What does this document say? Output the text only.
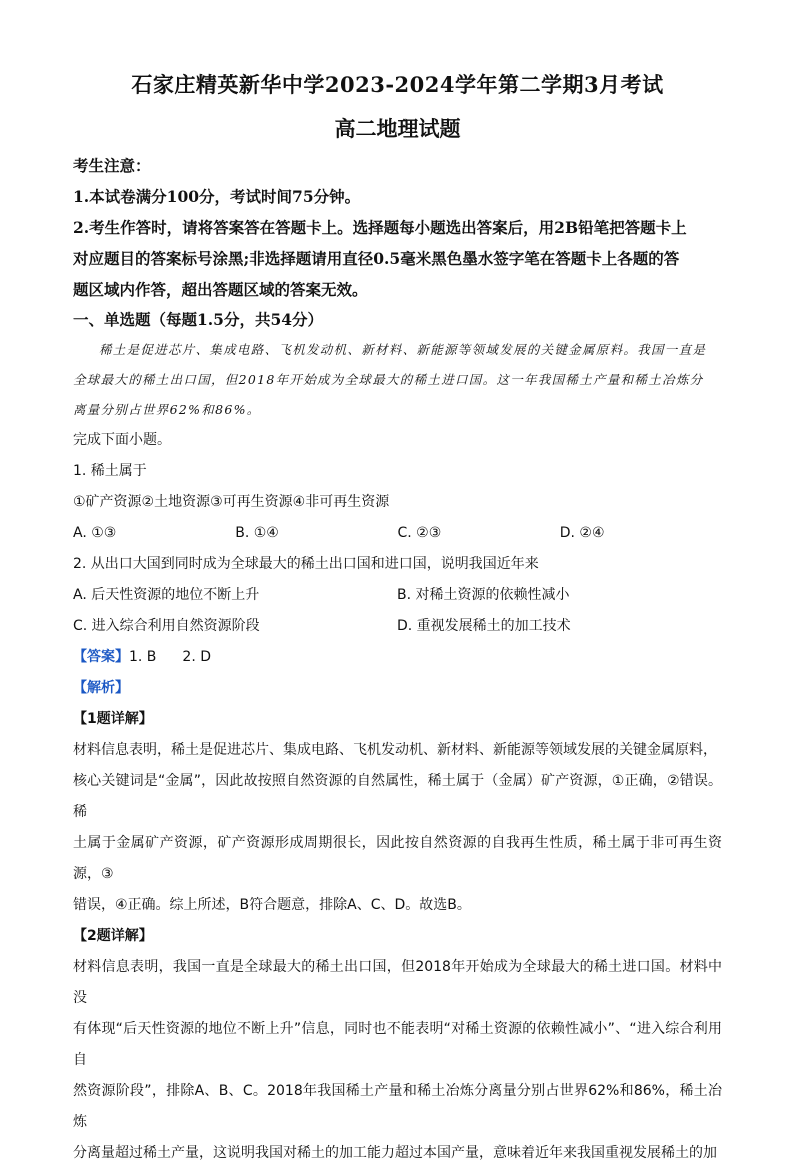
石家庄精英新华中学2023-2024学年第二学期3月考试
高二地理试题

考生注意：

1.本试卷满分100分，考试时间75分钟。

2.考生作答时，请将答案答在答题卡上。选择题每小题选出答案后，用2B铅笔把答题卡上

对应题目的答案标号涂黑;非选择题请用直径0.5毫米黑色墨水签字笔在答题卡上各题的答

题区域内作答，超出答题区域的答案无效。

一、单选题（每题1.5分，共54分）

稀土是促进芯片、集成电路、飞机发动机、新材料、新能源等领域发展的关键金属原料。我国一直是

全球最大的稀土出口国，但2018年开始成为全球最大的稀土进口国。这一年我国稀土产量和稀土冶炼分

离量分别占世界62%和86%。

完成下面小题。

1. 稀土属于

①矿产资源②土地资源③可再生资源④非可再生资源

A. ①③	B. ①④	C. ②③	D. ②④

2. 从出口大国到同时成为全球最大的稀土出口国和进口国，说明我国近年来

A. 后天性资源的地位不断上升	B. 对稀土资源的依赖性减小
C. 进入综合利用自然资源阶段	D. 重视发展稀土的加工技术

【答案】1. B 2. D

【解析】

【1题详解】

材料信息表明，稀土是促进芯片、集成电路、飞机发动机、新材料、新能源等领域发展的关键金属原料，

核心关键词是“金属”，因此故按照自然资源的自然属性，稀土属于（金属）矿产资源，①正确，②错误。稀

土属于金属矿产资源，矿产资源形成周期很长，因此按自然资源的自我再生性质，稀土属于非可再生资源，③

错误，④正确。综上所述，B符合题意，排除A、C、D。故选B。

【2题详解】

材料信息表明，我国一直是全球最大的稀土出口国，但2018年开始成为全球最大的稀土进口国。材料中没

有体现“后天性资源的地位不断上升”信息，同时也不能表明“对稀土资源的依赖性减小”、“进入综合利用自

然资源阶段”，排除A、B、C。2018年我国稀土产量和稀土冶炼分离量分别占世界62%和86%，稀土冶炼

分离量超过稀土产量，这说明我国对稀土的加工能力超过本国产量，意味着近年来我国重视发展稀土的加
